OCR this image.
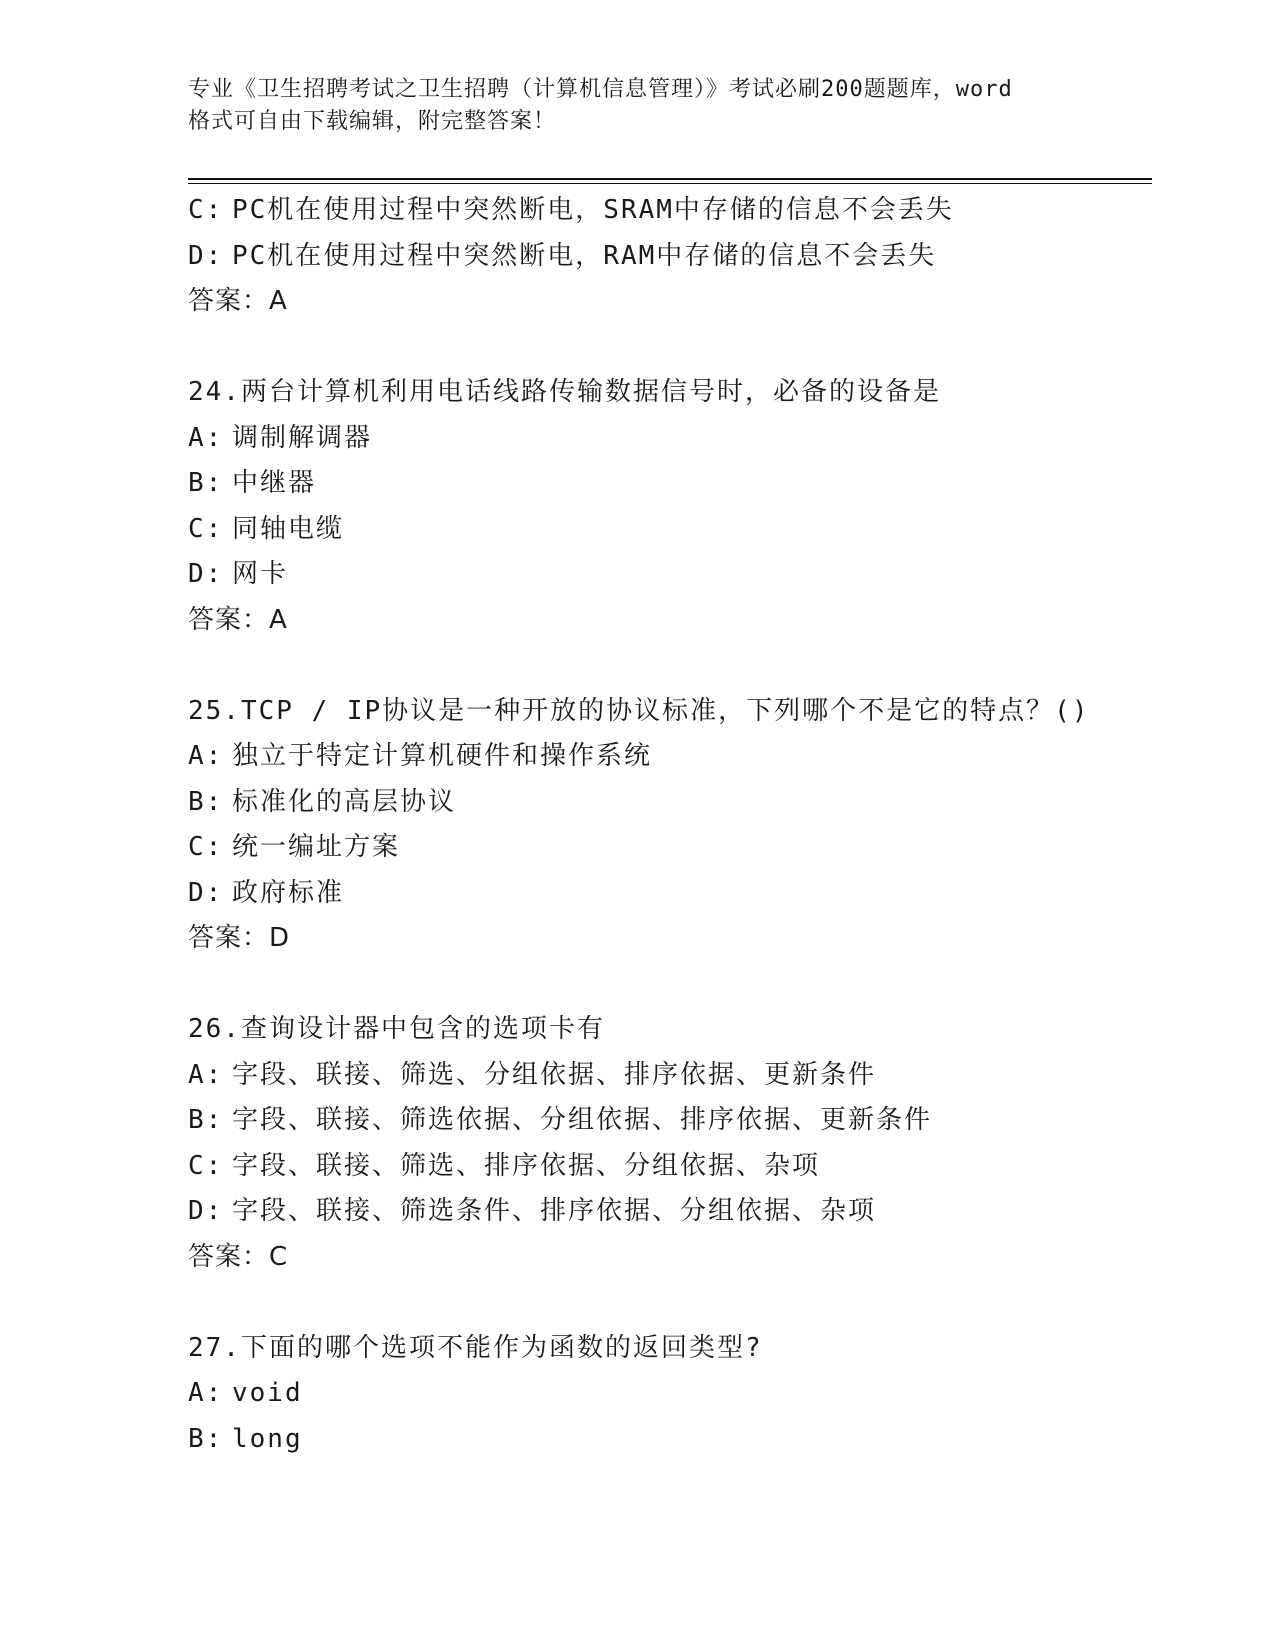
专业《卫生招聘考试之卫生招聘（计算机信息管理）》考试必刷200题题库，word
格式可自由下载编辑，附完整答案！
C: PC机在使用过程中突然断电，SRAM中存储的信息不会丢失
D: PC机在使用过程中突然断电，RAM中存储的信息不会丢失
答案：A
24.两台计算机利用电话线路传输数据信号时，必备的设备是
A: 调制解调器
B: 中继器
C: 同轴电缆
D: 网卡
答案：A
25.TCP / IP协议是一种开放的协议标准，下列哪个不是它的特点？()
A: 独立于特定计算机硬件和操作系统
B: 标准化的高层协议
C: 统一编址方案
D: 政府标准
答案：D
26.查询设计器中包含的选项卡有
A: 字段、联接、筛选、分组依据、排序依据、更新条件
B: 字段、联接、筛选依据、分组依据、排序依据、更新条件
C: 字段、联接、筛选、排序依据、分组依据、杂项
D: 字段、联接、筛选条件、排序依据、分组依据、杂项
答案：C
27.下面的哪个选项不能作为函数的返回类型?
A: void
B: long
